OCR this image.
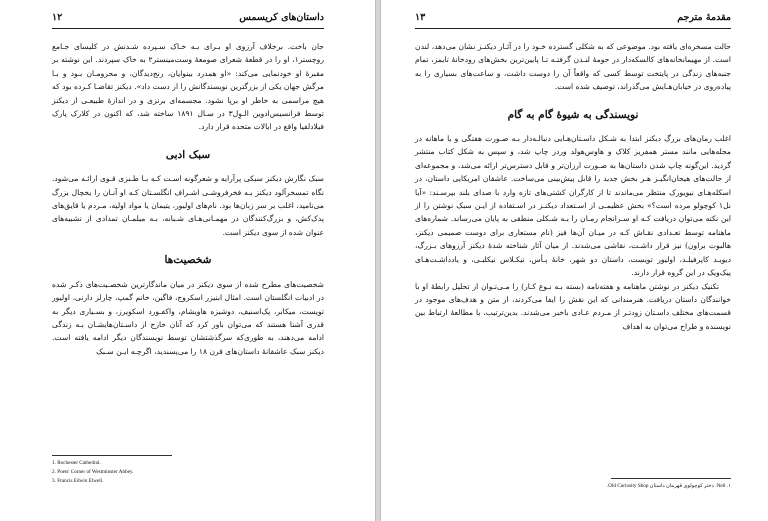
۱۲	داستان‌های کریسمس

جان باخت. برخلاف آرزوی او بـرای بـه خـاک سـپرده شـدنش در کلیسای جـامع روچستر۱، او را در قطعهٔ شعرای صومعهٔ وست‌مینستر۲ به خاک سپردند. این نوشته بر مقبرهٔ او خودنمایی می‌کند: «او همدرد بینوایان، رنج‌دیدگان، و محرومـان بـود و بـا مرگش جهان یکی از بزرگترین نویسندگانش را از دست داد». دیکنز تقاضـا کـرده بود که هیچ مراسمی به خاطر او برپا نشود. مجسمه‌ای برنزی و در اندازهٔ طبیعـی از دیکنز توسط فرانسیس‌ادوین الـوِل۳ در سـال ۱۸۹۱ ساخته شد، که اکنون در کلارک پارک فیلادلفیا واقع در ایالات متحده قرار دارد.

سبک ادبی

سبک نگارش دیکنز سبکی پرآرایه و شعرگونه اسـت کـه بـا طـنزی قـوی ارائـه می‌شود. نگاه تمسخرآلود دیکنز بـه فخرفروشـی اشـراف انگلسـتان کـه او آنـان را یخچال بزرگ می‌نامید، اغلب بر سر زبان‌ها بود. نام‌های اولیور، یتیمان یا مواد اولیه، مـردم یا قایق‌های پدک‌کش، و بزرگ‌کنندگان در مهمـانی‌هـای شـبانه، بـه میلمـان تمدادی از تشبیه‌های عنوان شده از سوی دیکنز است.

شخصیت‌ها

شخصیت‌های مطرح شده از سوی دیکنز در میان ماندگارترین شخصـیت‌های ذکـر شده در ادبیات انگلستان است. امثال ابنیزر اسکروج، فاگین، خانم گمپ، چارلز دارنی، اولیور تویست، میکابر، پک‌اسنیف، دوشیزه هاویشام، واکفـورد اسکویرز، و بسـیاری دیگر به قدری آشنا هستند که می‌توان باور کرد که آنان خارج از داسـتان‌هایشـان بـه زندگی ادامه می‌دهند، به طوری‌که سرگذشتشان توسط نویسندگان دیگر ادامه یافته است. دیکنز سبک عاشقانهٔ داستان‌های قرن ۱۸ را می‌پسندید، اگرچـه ایـن سـبک

1. Rochester Cathedral.
2. Poets' Corner of Westminster Abbey.
3. Francis Edwin Elwell.
۱۳	مقدمهٔ مترجم

حالت مسخره‌ای یافته بود. موضوعی که به شکلی گسترده خـود را در آثـار دیکنـز نشان می‌دهد، لندن است. از مهیمانخانه‌های کالسکه‌دار در حومهٔ لنـدن گرفتـه تـا پایین‌ترین بخش‌های رودخانهٔ تایمز، تمام جنبه‌های زندگی در پایتخت توسط کسی که واقعاً آن را دوست داشت، و ساعت‌های بسیاری را به پیاده‌روی در خیابان‌هـایش می‌گذراند، توصیف شده است.

نویسندگی به شیوهٔ گام به گام

اغلب رمان‌های بزرگ دیکنز ابتدا به شـکل داسـتان‌هـایی دنبالـه‌دار بـه صـورت هفتگی و یا ماهانه در مجله‌هایی مانند مستر همفریز کلاک و هاوس‌هولد وردز چاپ شد، و سپس به شکل کتاب منتشر گردید. این‌گونه چاپ شدن داستان‌ها به صـورت ارزان‌تر و قابل دسترس‌تر ارائه می‌شد، و مجموعه‌ای از حالت‌های هیجان‌انگیـز هـر بخش جدید را قابل پیش‌بینی می‌ساخت. عاشقان امریکایی داستان، در اسکله‌هـای نیویورک منتظر می‌ماندند تا از کارگران کشتی‌های تازه وارد با صدای بلند بپرسـند: «آیا نل۱ کوچولو مرده است؟» بخش عظیمـی از اسـتعداد دیکنـز در اسـتفاده از ایـن سبک نوشتن را از این نکته می‌توان دریافت کـه او سـرانجام رمـان را بـه شـکلی منطقی به پایان می‌رساند. شماره‌های ماهنامه توسط تعـدادی نقـاش کـه در میـان آن‌ها فیز (نام مستعاری برای دوست صمیمی دیکنز، هالبوت براون) نیز قرار داشـت، نقاشی می‌شدند. از میان آثار شناخته شدهٔ دیکنز آرزوهای بـزرگ، دیویـد کاپرفیلـد، اولیور تویست، داستان دو شهر، خانهٔ پـأس، نیکـلاس نیکلبـی، و یادداشـت‌هـای پیک‌ویک در این گروه قرار دارند.

تکنیک دیکنز در نوشتن ماهنامه و هفته‌نامه (بسته بـه نـوع کـار) را مـی‌تـوان از تحلیل رابطهٔ او با خوانندگان داستان دریافت. هنرمندانی که این نقش را ایفا می‌کردند، از متن و هدف‌های موجود در قسمت‌های مختلف داسـتان زودتـر از مـردم عـادی باخبر می‌شدند. بدین‌ترتیب، با مطالعهٔ ارتباط بین نویسنده و طراح می‌توان به اهداف

Nell .۱: دختر کوچولوی قهرمان داستان Old Curiosity Shop.
